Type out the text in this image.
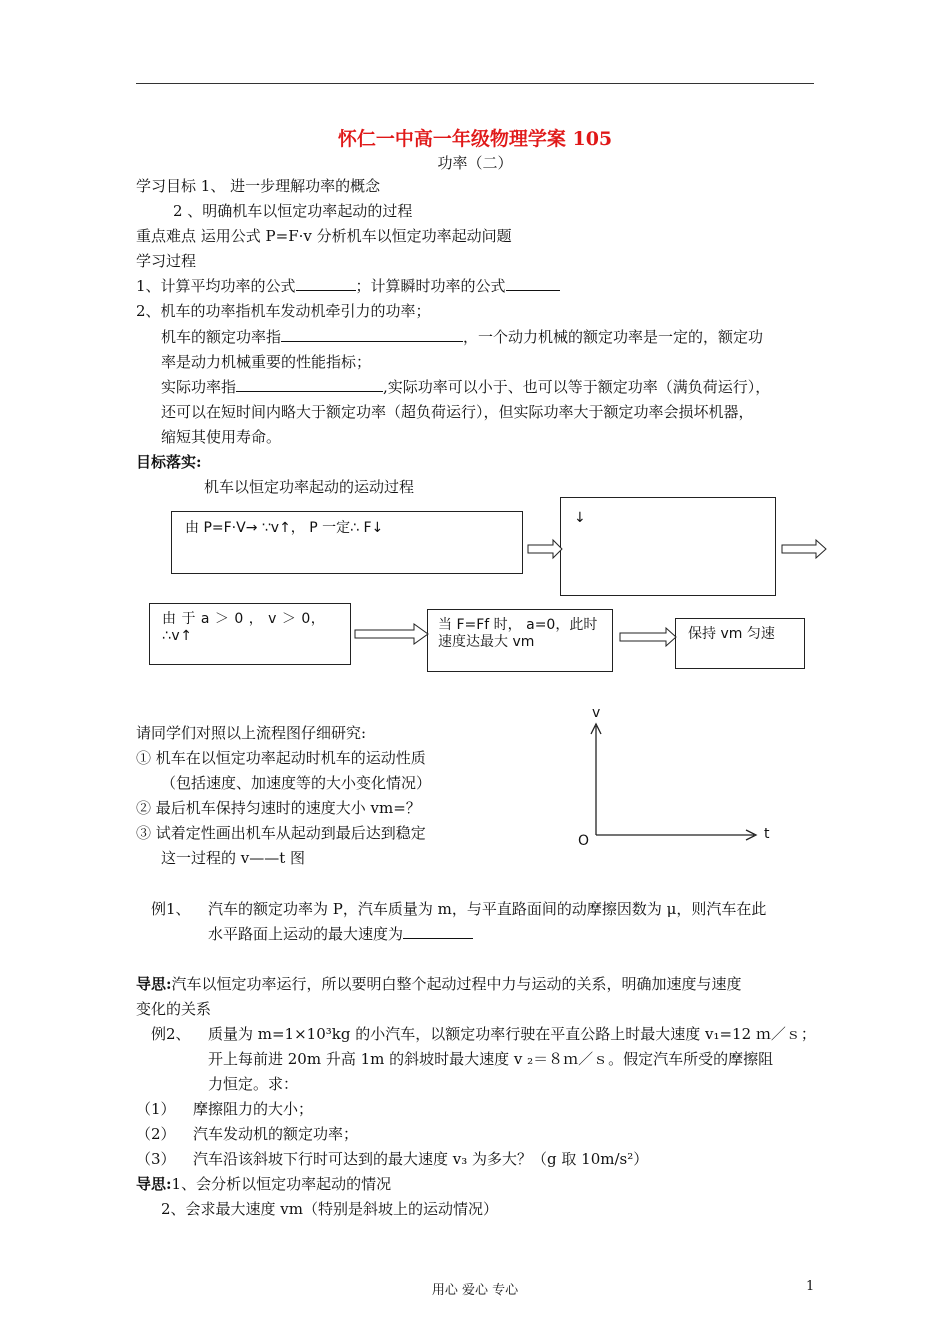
怀仁一中高一年级物理学案 105
功率（二）
学习目标 1、 进一步理解功率的概念
2 、明确机车以恒定功率起动的过程
重点难点 运用公式 P=F·v 分析机车以恒定功率起动问题
学习过程
1、计算平均功率的公式	；计算瞬时功率的公式
2、机车的功率指机车发动机牵引力的功率；
机车的额定功率指	，一个动力机械的额定功率是一定的，额定功
率是动力机械重要的性能指标；
实际功率指	,实际功率可以小于、也可以等于额定功率（满负荷运行），
还可以在短时间内略大于额定功率（超负荷运行），但实际功率大于额定功率会损坏机器，
缩短其使用寿命。
目标落实:
机车以恒定功率起动的运动过程
由 P=F·V→ ∵v↑， P 一定∴ F↓
↓
由 于 a ＞ 0 ， v ＞ 0，∴v↑
当 F=Ff 时， a=0，此时
速度达最大 vm	保持 vm 匀速
请同学们对照以上流程图仔细研究:
① 机车在以恒定功率起动时机车的运动性质
（包括速度、加速度等的大小变化情况）
② 最后机车保持匀速时的速度大小 vm=？
③ 试着定性画出机车从起动到最后达到稳定
这一过程的 v——t 图
v
t
O
例1、 汽车的额定功率为 P，汽车质量为 m，与平直路面间的动摩擦因数为 μ，则汽车在此
水平路面上运动的最大速度为
导思:汽车以恒定功率运行，所以要明白整个起动过程中力与运动的关系，明确加速度与速度
变化的关系
例2、 质量为 m=1×10³kg 的小汽车，以额定功率行驶在平直公路上时最大速度 v₁=12 ｍ／ｓ；
开上每前进 20m 升高 1m 的斜坡时最大速度 v ₂＝８ｍ／ｓ。假定汽车所受的摩擦阻
力恒定。求：
（1） 摩擦阻力的大小；
（2） 汽车发动机的额定功率；
（3） 汽车沿该斜坡下行时可达到的最大速度 v₃ 为多大？（g 取 10m/s²）
导思:1、会分析以恒定功率起动的情况
2、会求最大速度 vm（特别是斜坡上的运动情况）
用心 爱心 专心	1
